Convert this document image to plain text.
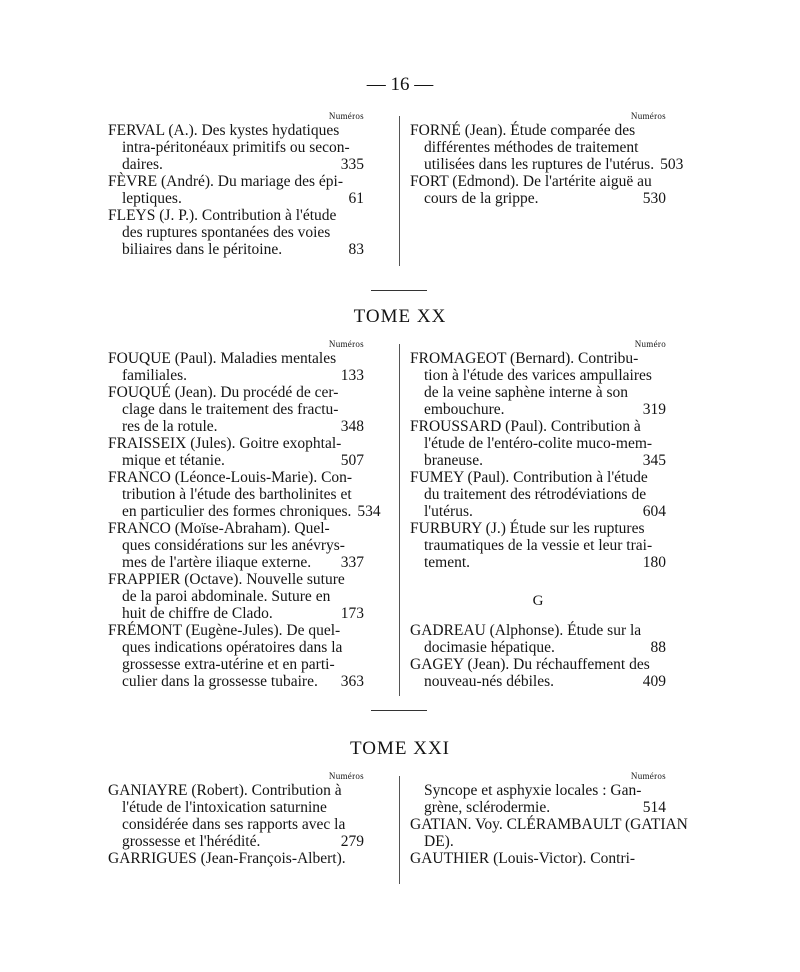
— 16 —
Numéros
FERVAL (A.). Des kystes hydatiques
intra-péritonéaux primitifs ou secon-
daires.	335
FÈVRE (André). Du mariage des épi-
leptiques.	61
FLEYS (J. P.). Contribution à l'étude
des ruptures spontanées des voies
biliaires dans le péritoine.	83
Numéros
FORNÉ (Jean). Étude comparée des
différentes méthodes de traitement
utilisées dans les ruptures de l'utérus. 503
FORT (Edmond). De l'artérite aiguë au
cours de la grippe.	530
TOME XX
Numéros
FOUQUE (Paul). Maladies mentales
familiales.	133
FOUQUÉ (Jean). Du procédé de cer-
clage dans le traitement des fractu-
res de la rotule.	348
FRAISSEIX (Jules). Goitre exophtal-
mique et tétanie.	507
FRANCO (Léonce-Louis-Marie). Con-
tribution à l'étude des bartholinites et
en particulier des formes chroniques. 534
FRANCO (Moïse-Abraham). Quel-
ques considérations sur les anévrys-
mes de l'artère iliaque externe.	337
FRAPPIER (Octave). Nouvelle suture
de la paroi abdominale. Suture en
huit de chiffre de Clado.	173
FRÉMONT (Eugène-Jules). De quel-
ques indications opératoires dans la
grossesse extra-utérine et en parti-
culier dans la grossesse tubaire.	363
Numéro
FROMAGEOT (Bernard). Contribu-
tion à l'étude des varices ampullaires
de la veine saphène interne à son
embouchure.	319
FROUSSARD (Paul). Contribution à
l'étude de l'entéro-colite muco-mem-
braneuse.	345
FUMEY (Paul). Contribution à l'étude
du traitement des rétrodéviations de
l'utérus.	604
FURBURY (J.) Étude sur les ruptures
traumatiques de la vessie et leur trai-
tement.	180
G
GADREAU (Alphonse). Étude sur la
docimasie hépatique.	88
GAGEY (Jean). Du réchauffement des
nouveau-nés débiles.	409
TOME XXI
Numéros
GANIAYRE (Robert). Contribution à
l'étude de l'intoxication saturnine
considérée dans ses rapports avec la
grossesse et l'hérédité.	279
GARRIGUES (Jean-François-Albert).
Numéros
Syncope et asphyxie locales : Gan-
grène, sclérodermie.	514
GATIAN. Voy. CLÉRAMBAULT (GATIAN
DE).
GAUTHIER (Louis-Victor). Contri-
